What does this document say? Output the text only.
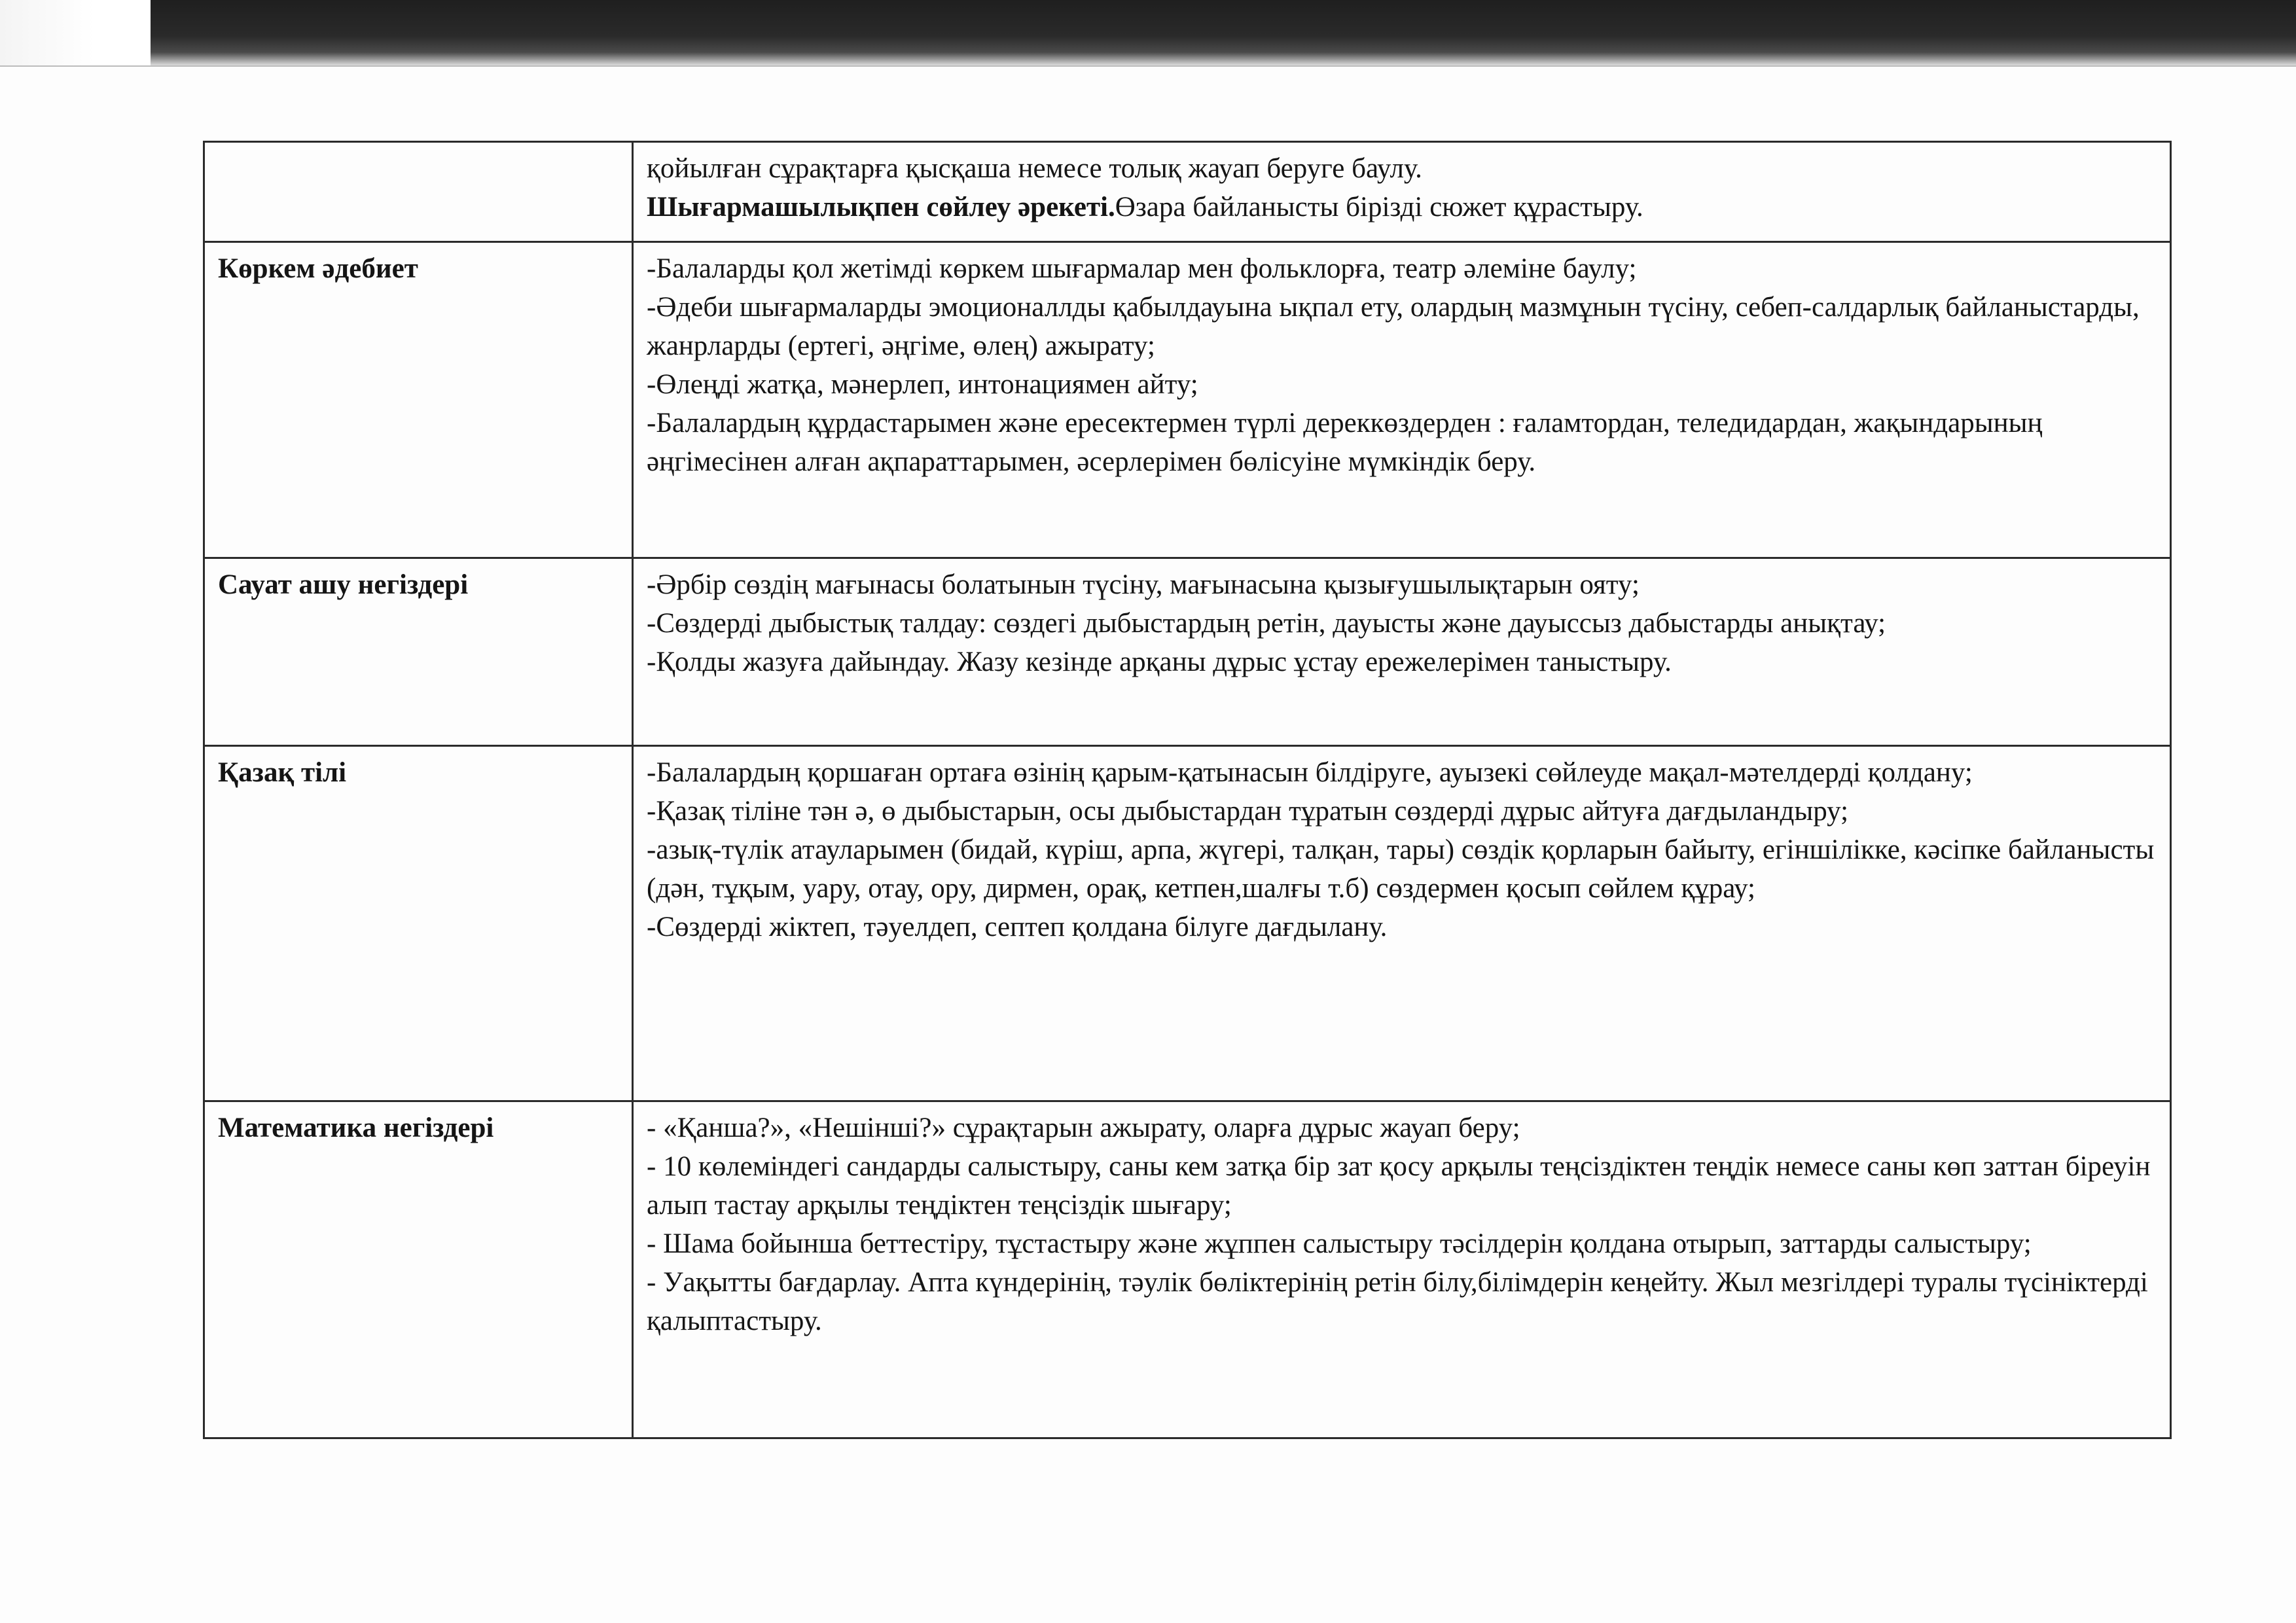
	қойылған сұрақтарға қысқаша немесе толық жауап беруге баулу.
Шығармашылықпен сөйлеу әрекеті.Өзара байланысты бірізді сюжет құрастыру.

Көркем әдебиет	-Балаларды қол жетімді көркем шығармалар мен фольклорға, театр әлеміне баулу;
-Әдеби шығармаларды эмоционаллды қабылдауына ықпал ету, олардың мазмұнын түсіну, себеп-салдарлық байланыстарды, жанрларды (ертегі, әңгіме, өлең) ажырату;
-Өлеңді жатқа, мәнерлеп, интонациямен айту;
-Балалардың құрдастарымен және ересектермен түрлі дереккөздерден : ғаламтордан, теледидардан, жақындарының әңгімесінен алған ақпараттарымен, әсерлерімен бөлісуіне мүмкіндік беру.

Сауат ашу негіздері	-Әрбір сөздің мағынасы болатынын түсіну, мағынасына қызығушылықтарын ояту;
-Сөздерді дыбыстық талдау: сөздегі дыбыстардың ретін, дауысты және дауыссыз дабыстарды анықтау;
-Қолды жазуға дайындау. Жазу кезінде арқаны дұрыс ұстау ережелерімен таныстыру.

Қазақ тілі	-Балалардың қоршаған ортаға өзінің қарым-қатынасын білдіруге, ауызекі сөйлеуде мақал-мәтелдерді қолдану;
-Қазақ тіліне тән ә, ө дыбыстарын, осы дыбыстардан тұратын сөздерді дұрыс айтуға дағдыландыру;
-азық-түлік атауларымен (бидай, күріш, арпа, жүгері, талқан, тары) сөздік қорларын байыту, егіншілікке, кәсіпке байланысты (дән, тұқым, уару, отау, ору, дирмен, орақ, кетпен,шалғы т.б) сөздермен қосып сөйлем құрау;
-Сөздерді жіктеп, тәуелдеп, септеп қолдана білуге дағдылану.

Математика негіздері	- «Қанша?», «Нешінші?» сұрақтарын ажырату, оларға дұрыс жауап беру;
- 10 көлеміндегі сандарды салыстыру, саны кем затқа бір зат қосу арқылы теңсіздіктен теңдік немесе саны көп заттан біреуін алып тастау арқылы теңдіктен теңсіздік шығару;
- Шама бойынша беттестіру, тұстастыру және жұппен салыстыру тәсілдерін қолдана отырып, заттарды салыстыру;
- Уақытты бағдарлау. Апта күндерінің, тәулік бөліктерінің ретін білу,білімдерін кеңейту. Жыл мезгілдері туралы түсініктерді қалыптастыру.
